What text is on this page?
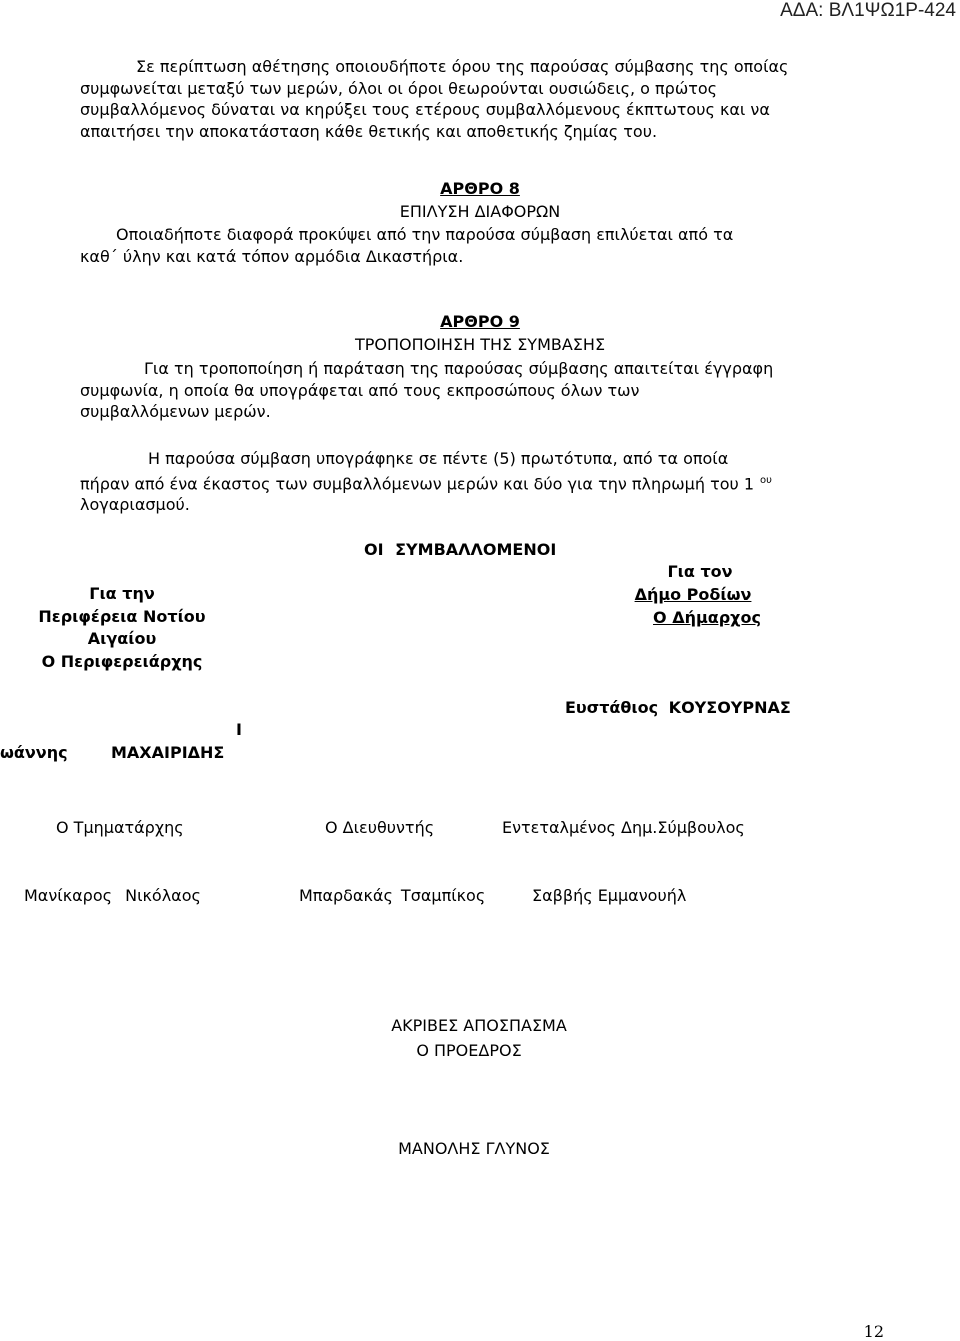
ΑΔΑ: ΒΛ1ΨΩ1Ρ-424
Σε περίπτωση αθέτησης οποιουδήποτε όρου της παρούσας σύμβασης της οποίας
συμφωνείται μεταξύ των μερών, όλοι οι όροι θεωρούνται ουσιώδεις, ο πρώτος
συμβαλλόμενος δύναται να κηρύξει τους ετέρους συμβαλλόμενους έκπτωτους και να
απαιτήσει την αποκατάσταση κάθε θετικής και αποθετικής ζημίας του.
ΑΡΘΡΟ 8
ΕΠΙΛΥΣΗ ΔΙΑΦΟΡΩΝ
Οποιαδήποτε διαφορά προκύψει από την παρούσα σύμβαση επιλύεται από τα
καθ΄ ύλην και κατά τόπον αρμόδια Δικαστήρια.
ΑΡΘΡΟ 9
ΤΡΟΠΟΠΟΙΗΣΗ ΤΗΣ ΣΥΜΒΑΣΗΣ
Για τη τροποποίηση ή παράταση της παρούσας σύμβασης απαιτείται έγγραφη
συμφωνία, η οποία θα υπογράφεται από τους εκπροσώπους όλων των
συμβαλλόμενων μερών.
Η παρούσα σύμβαση υπογράφηκε σε πέντε (5) πρωτότυπα, από τα οποία
πήραν από ένα έκαστος των συμβαλλόμενων μερών και δύο για την πληρωμή του 1 $^{o\upsilon}$
λογαριασμού.
ΟΙ ΣΥΜΒΑΛΛΟΜΕΝΟΙ
Για την
Περιφέρεια Νοτίου
Αιγαίου
Ο Περιφερειάρχης
Ι
ωάννης	ΜΑΧΑΙΡΙΔΗΣ
Για τον
Δήμο Ροδίων
Ο Δήμαρχος
Ευστάθιος ΚΟΥΣΟΥΡΝΑΣ
Ο Τμηματάρχης	Ο Διευθυντής	Εντεταλμένος Δημ.Σύμβουλος
Μανίκαρος Νικόλαος	Μπαρδακάς Τσαμπίκος	Σαββής Εμμανουήλ
ΑΚΡΙΒΕΣ ΑΠΟΣΠΑΣΜΑ
Ο ΠΡΟΕΔΡΟΣ
ΜΑΝΟΛΗΣ ΓΛΥΝΟΣ
12
